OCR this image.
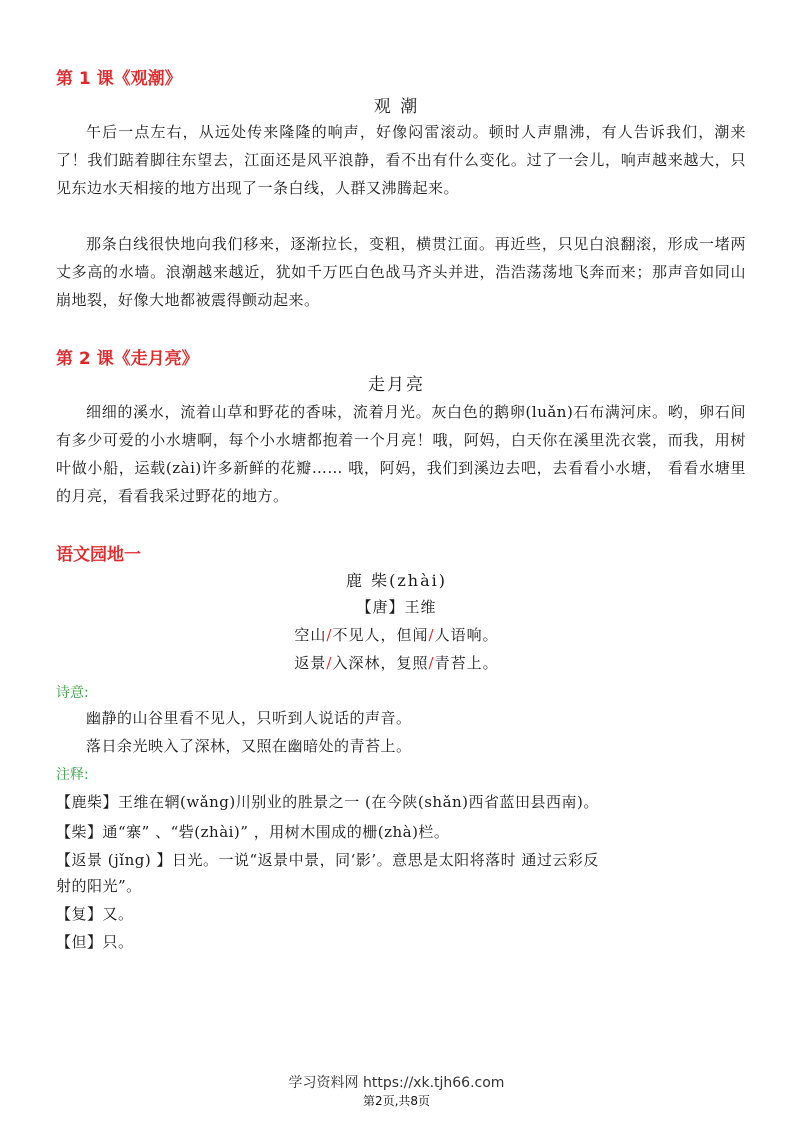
第 1 课《观潮》
观 潮

午后一点左右，从远处传来隆隆的响声，好像闷雷滚动。顿时人声鼎沸，有人告诉我们，潮来了！我们踮着脚往东望去，江面还是风平浪静，看不出有什么变化。过了一会儿，响声越来越大，只见东边水天相接的地方出现了一条白线，人群又沸腾起来。

那条白线很快地向我们移来，逐渐拉长，变粗，横贯江面。再近些，只见白浪翻滚，形成一堵两丈多高的水墙。浪潮越来越近，犹如千万匹白色战马齐头并进，浩浩荡荡地飞奔而来；那声音如同山崩地裂，好像大地都被震得颤动起来。

第 2 课《走月亮》
走月亮

细细的溪水，流着山草和野花的香味，流着月光。灰白色的鹅卵(luǎn)石布满河床。哟，卵石间有多少可爱的小水塘啊，每个小水塘都抱着一个月亮！哦，阿妈，白天你在溪里洗衣裳，而我，用树叶做小船，运载(zài)许多新鲜的花瓣…… 哦，阿妈，我们到溪边去吧，去看看小水塘， 看看水塘里的月亮，看看我采过野花的地方。

语文园地一
鹿 柴(zhài)
【唐】王维
空山/不见人，但闻/人语响。
返景/入深林，复照/青苔上。
诗意:
幽静的山谷里看不见人，只听到人说话的声音。
落日余光映入了深林，又照在幽暗处的青苔上。
注释:
【鹿柴】王维在辋(wǎng)川别业的胜景之一 (在今陕(shǎn)西省蓝田县西南)。
【柴】通“寨” 、“砦(zhài)” ，用树木围成的栅(zhà)栏。
【返景 (jǐng) 】日光。一说“返景中景，同‘影’。意思是太阳将落时 通过云彩反
射的阳光”。
【复】又。
【但】只。
学习资料网 https://xk.tjh66.com
第2页,共8页
